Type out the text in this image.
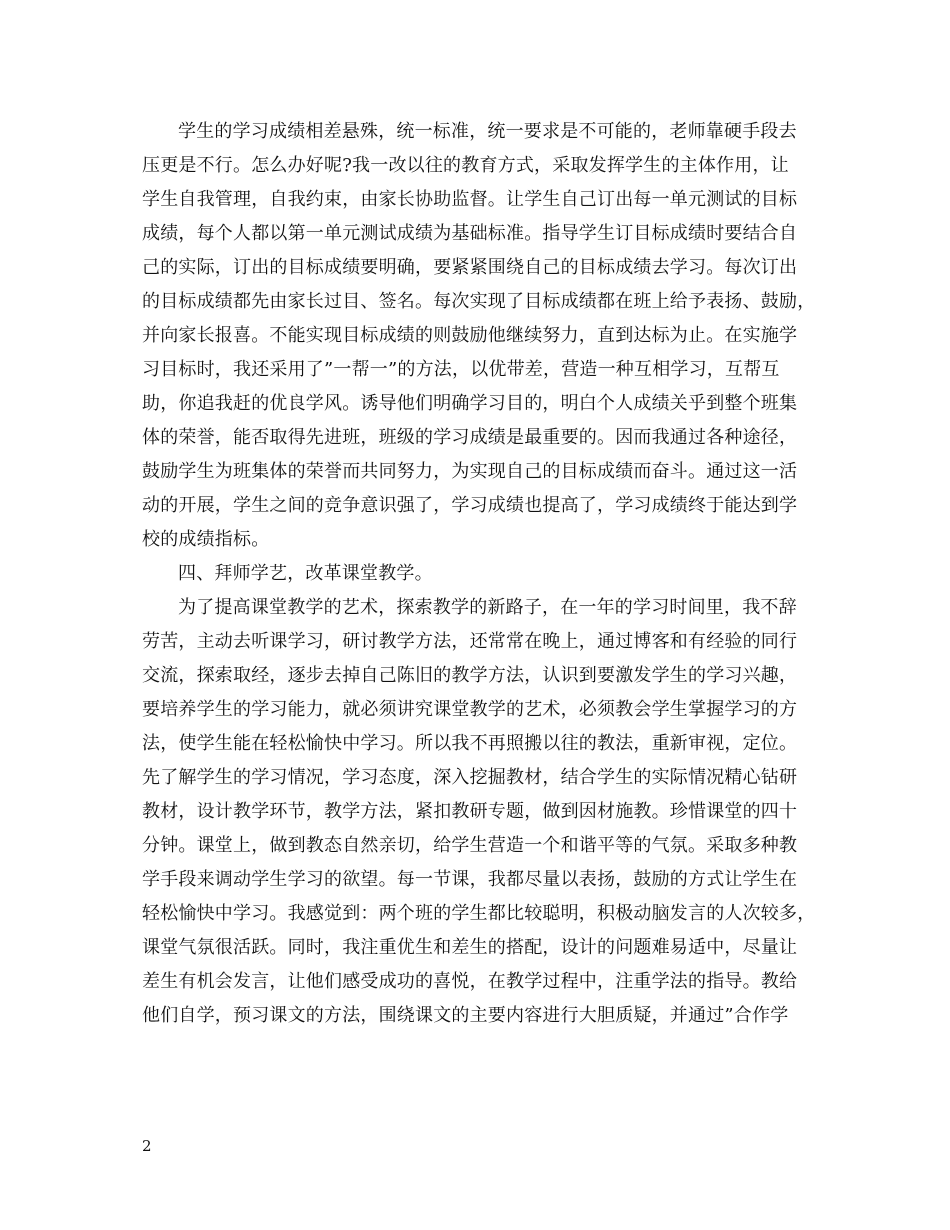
学生的学习成绩相差悬殊，统一标准，统一要求是不可能的，老师靠硬手段去
压更是不行。怎么办好呢?我一改以往的教育方式，采取发挥学生的主体作用，让
学生自我管理，自我约束，由家长协助监督。让学生自己订出每一单元测试的目标
成绩，每个人都以第一单元测试成绩为基础标准。指导学生订目标成绩时要结合自
己的实际，订出的目标成绩要明确，要紧紧围绕自己的目标成绩去学习。每次订出
的目标成绩都先由家长过目、签名。每次实现了目标成绩都在班上给予表扬、鼓励，
并向家长报喜。不能实现目标成绩的则鼓励他继续努力，直到达标为止。在实施学
习目标时，我还采用了”一帮一”的方法，以优带差，营造一种互相学习，互帮互
助，你追我赶的优良学风。诱导他们明确学习目的，明白个人成绩关乎到整个班集
体的荣誉，能否取得先进班，班级的学习成绩是最重要的。因而我通过各种途径，
鼓励学生为班集体的荣誉而共同努力，为实现自己的目标成绩而奋斗。通过这一活
动的开展，学生之间的竞争意识强了，学习成绩也提高了，学习成绩终于能达到学
校的成绩指标。
四、拜师学艺，改革课堂教学。
为了提高课堂教学的艺术，探索教学的新路子，在一年的学习时间里，我不辞
劳苦，主动去听课学习，研讨教学方法，还常常在晚上，通过博客和有经验的同行
交流，探索取经，逐步去掉自己陈旧的教学方法，认识到要激发学生的学习兴趣，
要培养学生的学习能力，就必须讲究课堂教学的艺术，必须教会学生掌握学习的方
法，使学生能在轻松愉快中学习。所以我不再照搬以往的教法，重新审视，定位。
先了解学生的学习情况，学习态度，深入挖掘教材，结合学生的实际情况精心钻研
教材，设计教学环节，教学方法，紧扣教研专题，做到因材施教。珍惜课堂的四十
分钟。课堂上，做到教态自然亲切，给学生营造一个和谐平等的气氛。采取多种教
学手段来调动学生学习的欲望。每一节课，我都尽量以表扬，鼓励的方式让学生在
轻松愉快中学习。我感觉到：两个班的学生都比较聪明，积极动脑发言的人次较多，
课堂气氛很活跃。同时，我注重优生和差生的搭配，设计的问题难易适中，尽量让
差生有机会发言，让他们感受成功的喜悦，在教学过程中，注重学法的指导。教给
他们自学，预习课文的方法，围绕课文的主要内容进行大胆质疑，并通过”合作学
2
